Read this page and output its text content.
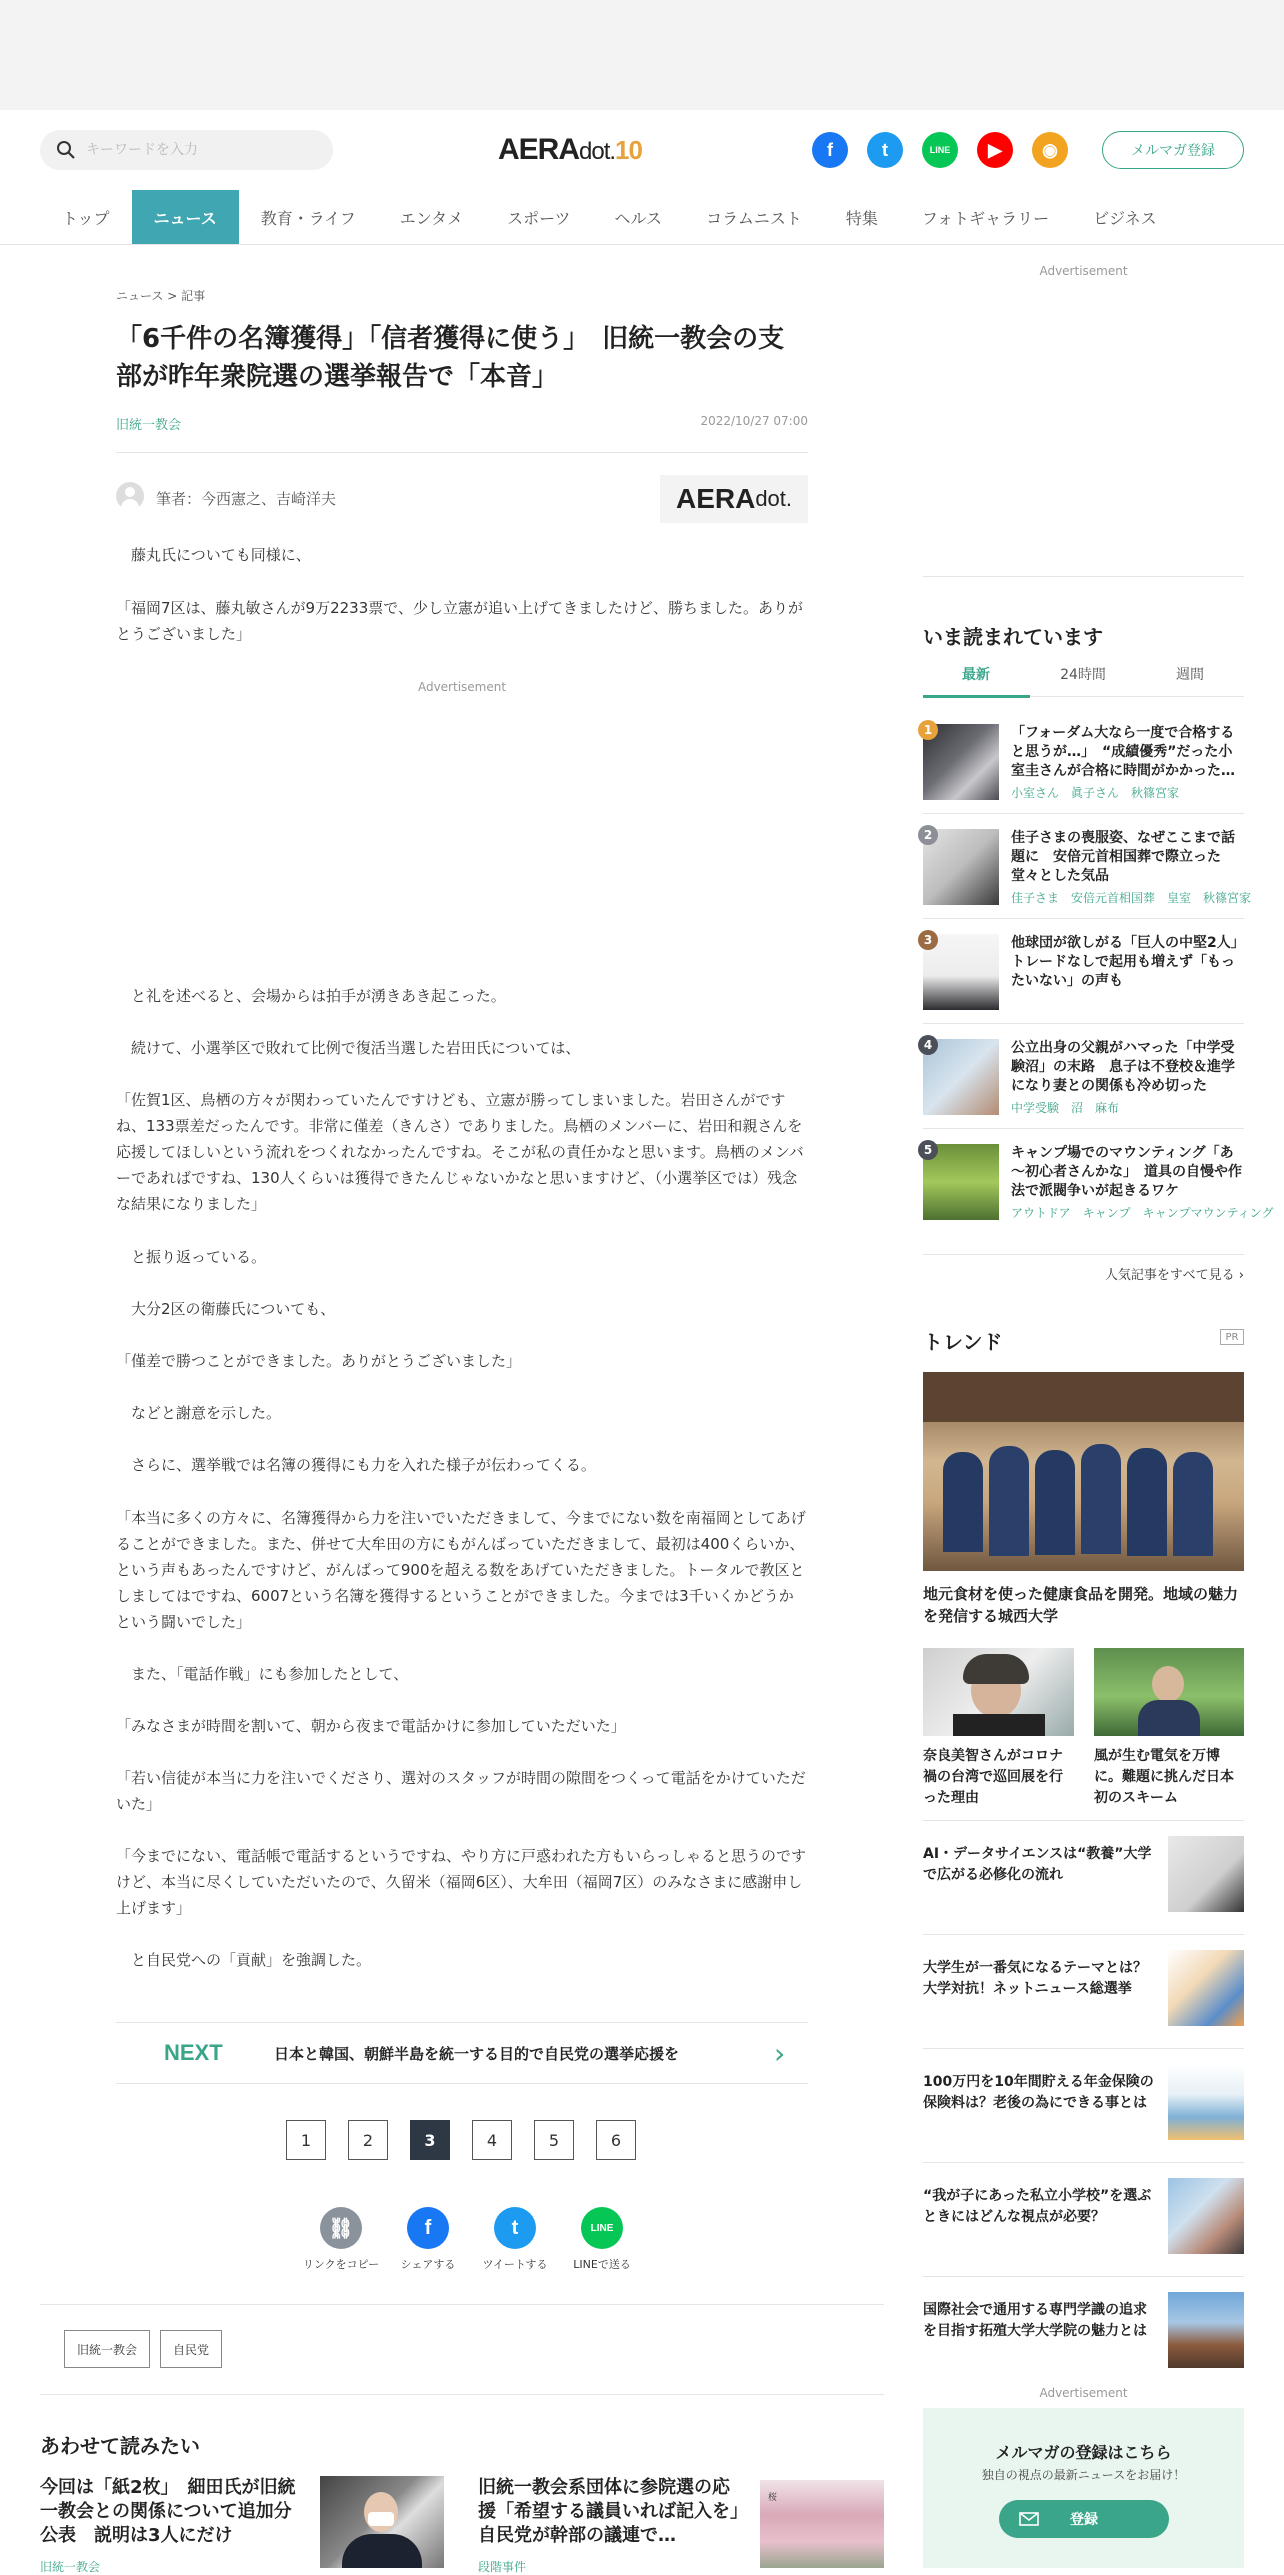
キーワードを入力
AERAdot.10	f	t	LINE	▶	◉	メルマガ登録
トップ	ニュース	教育・ライフ	エンタメ	スポーツ	ヘルス	コラムニスト	特集	フォトギャラリー	ビジネス
ニュース > 記事
「6千件の名簿獲得」「信者獲得に使う」　旧統一教会の支部が昨年衆院選の選挙報告で「本音」
旧統一教会	2022/10/27 07:00
筆者：今西憲之、吉崎洋夫	AERA dot.
　藤丸氏についても同様に、
「福岡7区は、藤丸敏さんが9万2233票で、少し立憲が追い上げてきましたけど、勝ちました。ありがとうございました」
Advertisement
　と礼を述べると、会場からは拍手が湧きあき起こった。
　続けて、小選挙区で敗れて比例で復活当選した岩田氏については、
「佐賀1区、鳥栖の方々が関わっていたんですけども、立憲が勝ってしまいました。岩田さんがですね、133票差だったんです。非常に僅差（きんさ）でありました。鳥栖のメンバーに、岩田和親さんを応援してほしいという流れをつくれなかったんですね。そこが私の責任かなと思います。鳥栖のメンバーであればですね、130人くらいは獲得できたんじゃないかなと思いますけど、（小選挙区では）残念な結果になりました」
　と振り返っている。
　大分2区の衛藤氏についても、
「僅差で勝つことができました。ありがとうございました」
　などと謝意を示した。
　さらに、選挙戦では名簿の獲得にも力を入れた様子が伝わってくる。
「本当に多くの方々に、名簿獲得から力を注いでいただきまして、今までにない数を南福岡としてあげることができました。また、併せて大牟田の方にもがんばっていただきまして、最初は400くらいか、という声もあったんですけど、がんばって900を超える数をあげていただきました。トータルで教区としましてはですね、6007という名簿を獲得するということができました。今までは3千いくかどうかという闘いでした」
　また、「電話作戦」にも参加したとして、
「みなさまが時間を割いて、朝から夜まで電話かけに参加していただいた」
「若い信徒が本当に力を注いでくださり、選対のスタッフが時間の隙間をつくって電話をかけていただいた」
「今までにない、電話帳で電話するというですね、やり方に戸惑われた方もいらっしゃると思うのですけど、本当に尽くしていただいたので、久留米（福岡6区）、大牟田（福岡7区）のみなさまに感謝申し上げます」
　と自民党への「貢献」を強調した。
NEXT	日本と韓国、朝鮮半島を統一する目的で自民党の選挙応援を	›
1	2	3	4	5	6
⛓
リンクをコピー
f
シェアする
t
ツイートする
LINE
LINEで送る
旧統一教会	自民党
あわせて読みたい
今回は「紙2枚」　細田氏が旧統一教会との関係について追加分公表　説明は3人にだけ
旧統一教会
旧統一教会系団体に参院選の応援「希望する議員いれば記入を」　自民党が幹部の議連で…
段階事件
桜
Advertisement
いま読まれています
最新	24時間	週間
1	「フォーダム大なら一度で合格すると思うが…」　“成績優秀”だった小室圭さんが合格に時間がかかった…
小室さん　眞子さん　秋篠宮家
2	佳子さまの喪服姿、なぜここまで話題に　安倍元首相国葬で際立った堂々とした気品
佳子さま　安倍元首相国葬　皇室　秋篠宮家
3	他球団が欲しがる「巨人の中堅2人」　トレードなしで起用も増えず「もったいない」の声も
4	公立出身の父親がハマった「中学受験沼」の末路　息子は不登校＆進学になり妻との関係も冷め切った
中学受験　沼　麻布
5	キャンプ場でのマウンティング「あ～初心者さんかな」　道具の自慢や作法で派閥争いが起きるワケ
アウトドア　キャンプ　キャンプマウンティング
人気記事をすべて見る ›
トレンド	PR
地元食材を使った健康食品を開発。地域の魅力を発信する城西大学
奈良美智さんがコロナ禍の台湾で巡回展を行った理由
風が生む電気を万博に。難題に挑んだ日本初のスキーム
AI・データサイエンスは“教養”大学で広がる必修化の流れ
大学生が一番気になるテーマとは？大学対抗！ネットニュース総選挙
100万円を10年間貯える年金保険の保険料は？老後の為にできる事とは
“我が子にあった私立小学校”を選ぶときにはどんな視点が必要？
国際社会で通用する専門学識の追求を目指す拓殖大学大学院の魅力とは
Advertisement
メルマガの登録はこちら
独自の視点の最新ニュースをお届け！
登録
